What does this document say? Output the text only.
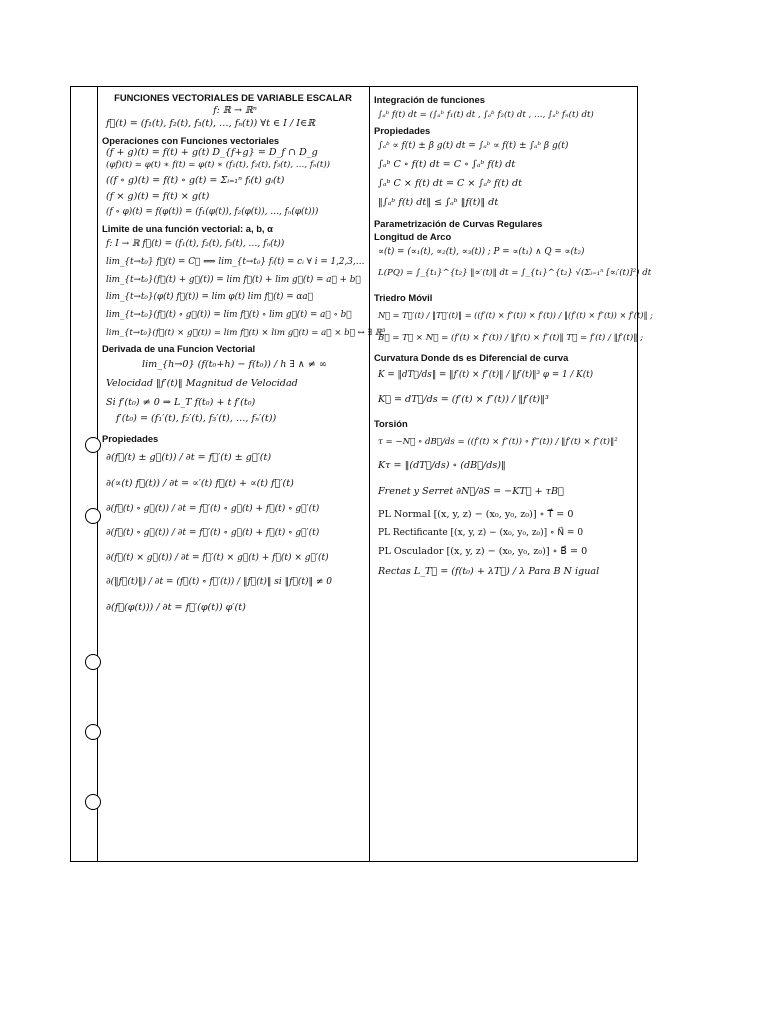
FUNCIONES VECTORIALES DE VARIABLE ESCALAR
f: ℝ → ℝⁿ
f⃗(t) = (f₁(t), f₂(t), f₃(t), …, fₙ(t)) ∀t ∈ I / I∈ℝ
Operaciones con Funciones vectoriales
(f + g)(t) = f(t) + g(t) D_{f+g} = D_f ∩ D_g
(φf)(t) = φ(t) ∗ f(t) = φ(t) ∗ (f₁(t), f₂(t), f₃(t), …, fₙ(t))
((f ∘ g)(t) = f(t) ∘ g(t) = Σᵢ₌₁ⁿ fᵢ(t) gᵢ(t)
(f × g)(t) = f(t) × g(t)
(f ∘ φ)(t) = f(φ(t)) = (f₁(φ(t)), f₂(φ(t)), …, fₙ(φ(t)))
Limite de una función vectorial: a, b, α
f: I → ℝ f⃗(t) = (f₁(t), f₂(t), f₃(t), …, fₙ(t))
lim_{t→t₀} f⃗(t) = C⃗ ⟺ lim_{t→t₀} fᵢ(t) = cᵢ ∀ i = 1,2,3,…
lim_{t→t₀}(f⃗(t) + g⃗(t)) = lim f⃗(t) + lim g⃗(t) = a⃗ + b⃗
lim_{t→t₀}(φ(t) f⃗(t)) = lim φ(t) lim f⃗(t) = αa⃗
lim_{t→t₀}(f⃗(t) ∘ g⃗(t)) = lim f⃗(t) ∘ lim g⃗(t) = a⃗ ∘ b⃗
lim_{t→t₀}(f⃗(t) × g⃗(t)) = lim f⃗(t) × lim g⃗(t) = a⃗ × b⃗ ↔ ∃ ℝ³
Derivada de una Funcion Vectorial
lim_{h→0} (f(t₀+h) − f(t₀)) / h ∃ ∧ ≠ ∞
Velocidad ‖f′(t)‖ Magnitud de Velocidad
Si f′(t₀) ≠ 0 ⇒ L_T f(t₀) + t f′(t₀)
f′(t₀) = (f₁′(t), f₂′(t), f₃′(t), …, fₙ′(t))
Propiedades
∂(f⃗(t) ± g⃗(t)) / ∂t = f⃗′(t) ± g⃗′(t)
∂(∝(t) f⃗(t)) / ∂t = ∝′(t) f⃗(t) + ∝(t) f⃗′(t)
∂(f⃗(t) ∘ g⃗(t)) / ∂t = f⃗′(t) ∘ g⃗(t) + f⃗(t) ∘ g⃗′(t)
∂(f⃗(t) ∘ g⃗(t)) / ∂t = f⃗′(t) ∘ g⃗(t) + f⃗(t) ∘ g⃗′(t)
∂(f⃗(t) × g⃗(t)) / ∂t = f⃗′(t) × g⃗(t) + f⃗(t) × g⃗′(t)
∂(‖f⃗(t)‖) / ∂t = (f⃗(t) ∘ f⃗′(t)) / ‖f⃗(t)‖ si ‖f⃗(t)‖ ≠ 0
∂(f⃗(φ(t))) / ∂t = f⃗′(φ(t)) φ′(t)
Integración de funciones
∫ₐᵇ f(t) dt = (∫ₐᵇ f₁(t) dt , ∫ₐᵇ f₂(t) dt , …, ∫ₐᵇ fₙ(t) dt)
Propiedades
∫ₐᵇ ∝ f(t) ± β g(t) dt = ∫ₐᵇ ∝ f(t) ± ∫ₐᵇ β g(t)
∫ₐᵇ C ∘ f(t) dt = C ∘ ∫ₐᵇ f(t) dt
∫ₐᵇ C × f(t) dt = C × ∫ₐᵇ f(t) dt
‖∫ₐᵇ f(t) dt‖ ≤ ∫ₐᵇ ‖f(t)‖ dt
Parametrización de Curvas Regulares
Longitud de Arco
∝(t) = (∝₁(t), ∝₂(t), ∝₃(t)) ; P = ∝(t₁) ∧ Q = ∝(t₂)
L(PQ) = ∫_{t₁}^{t₂} ‖∝′(t)‖ dt = ∫_{t₁}^{t₂} √(Σᵢ₌₁ⁿ [∝ᵢ′(t)]²) dt
Triedro Móvil
N⃗ = T⃗′(t) / ‖T⃗′(t)‖ = ((f′(t) × f″(t)) × f′(t)) / ‖(f′(t) × f″(t)) × f′(t)‖ ;
B⃗ = T⃗ × N⃗ = (f′(t) × f″(t)) / ‖f′(t) × f″(t)‖ T⃗ = f′(t) / ‖f′(t)‖ ;
Curvatura Donde ds es Diferencial de curva
K = ‖dT⃗/ds‖ = ‖f′(t) × f″(t)‖ / ‖f′(t)‖³ φ = 1 / K(t)
K⃗ = dT⃗/ds = (f′(t) × f″(t)) / ‖f′(t)‖³
Torsión
τ = −N⃗ ∘ dB⃗/ds = ((f′(t) × f″(t)) ∘ f‴(t)) / ‖f′(t) × f″(t)‖²
Kτ = ‖(dT⃗/ds) ∘ (dB⃗/ds)‖
Frenet y Serret ∂N⃗/∂S = −KT⃗ + τB⃗
PL Normal [(x, y, z) − (x₀, y₀, z₀)] ∘ T⃗ = 0
PL Rectificante [(x, y, z) − (x₀, y₀, z₀)] ∘ N⃗ = 0
PL Osculador [(x, y, z) − (x₀, y₀, z₀)] ∘ B⃗ = 0
Rectas L_T⃗ = (f(t₀) + λT⃗) / λ Para B N igual
